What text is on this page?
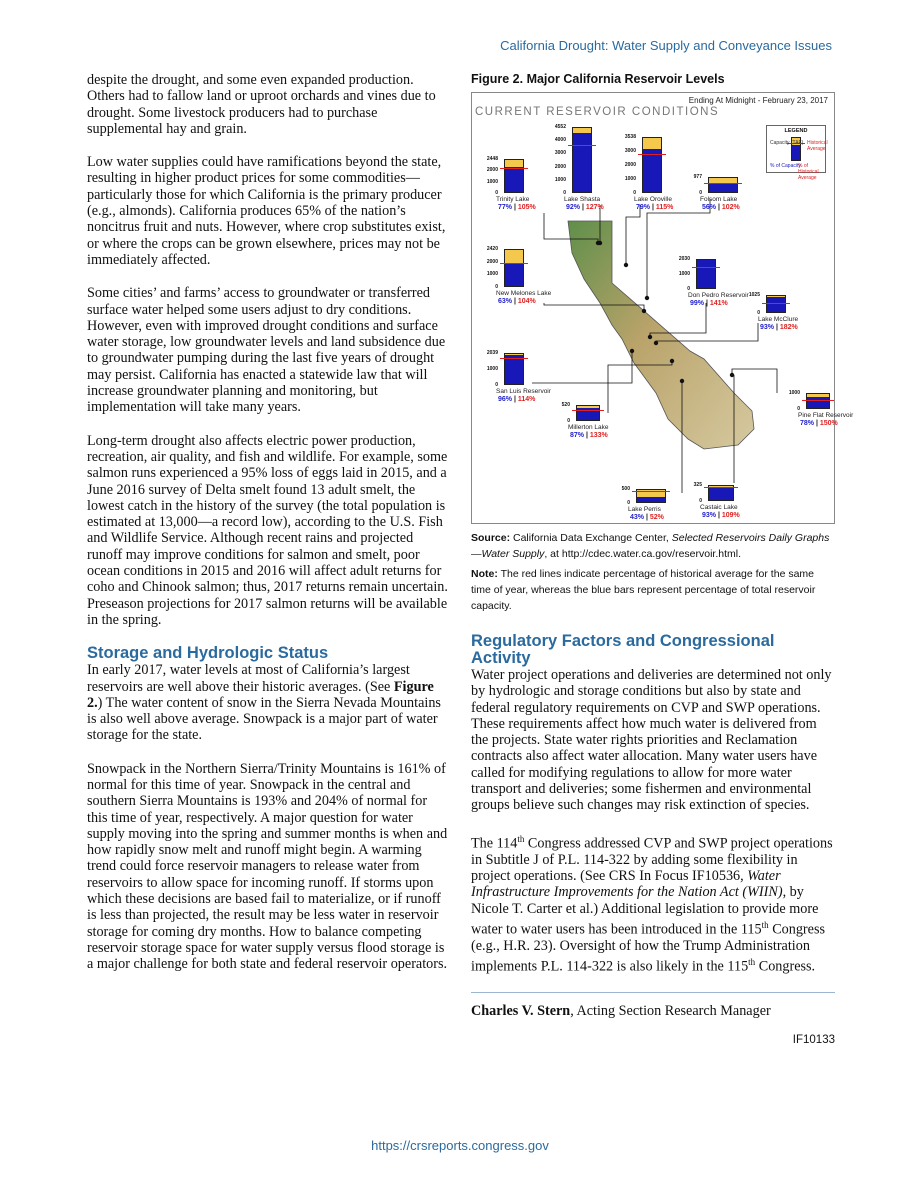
California Drought: Water Supply and Conveyance Issues

despite the drought, and some even expanded production. Others had to fallow land or uproot orchards and vines due to drought. Some livestock producers had to purchase supplemental hay and grain.

Low water supplies could have ramifications beyond the state, resulting in higher product prices for some commodities—particularly those for which California is the primary producer (e.g., almonds). California produces 65% of the nation’s noncitrus fruit and nuts. However, where crop substitutes exist, or where the crops can be grown elsewhere, prices may not be immediately affected.

Some cities’ and farms’ access to groundwater or transferred surface water helped some users adjust to dry conditions. However, even with improved drought conditions and surface water storage, low groundwater levels and land subsidence due to groundwater pumping during the last five years of drought may persist. California has enacted a statewide law that will increase groundwater planning and monitoring, but implementation will take many years.

Long-term drought also affects electric power production, recreation, air quality, and fish and wildlife. For example, some salmon runs experienced a 95% loss of eggs laid in 2015, and a June 2016 survey of Delta smelt found 13 adult smelt, the lowest catch in the history of the survey (the total population is estimated at 13,000—a record low), according to the U.S. Fish and Wildlife Service. Although recent rains and projected runoff may improve conditions for salmon and smelt, poor ocean conditions in 2015 and 2016 will affect adult returns for coho and Chinook salmon; thus, 2017 returns remain uncertain. Preseason projections for 2017 salmon returns will be available in the spring.

Storage and Hydrologic Status

In early 2017, water levels at most of California’s largest reservoirs are well above their historic averages. (See Figure 2.) The water content of snow in the Sierra Nevada Mountains is also well above average. Snowpack is a major part of water storage for the state.

Snowpack in the Northern Sierra/Trinity Mountains is 161% of normal for this time of year. Snowpack in the central and southern Sierra Mountains is 193% and 204% of normal for this time of year, respectively. A major question for water supply moving into the spring and summer months is when and how rapidly snow melt and runoff might begin. A warming trend could force reservoir managers to release water from reservoirs to allow space for incoming runoff. If storms upon which these decisions are based fail to materialize, or if runoff is less than projected, the result may be less water in reservoir storage for coming dry months. How to balance competing reservoir storage space for water supply versus flood storage is a major challenge for both state and federal reservoir operators.

Figure 2. Major California Reservoir Levels
Ending At Midnight - February 23, 2017
CURRENT RESERVOIR CONDITIONS
LEGEND
Capacity (TAF) Historical Average
% of Capacity
% of Historical Average
2448
2000
1000
0
Trinity Lake
77% | 105%
4552
4000
3000
2000
1000
0
Lake Shasta
92% | 127%
3538
3000
2000
1000
0
Lake Oroville
79% | 115%
977
0
Folsom Lake
56% | 102%
2420
2000
1000
0
New Melones Lake
63% | 104%
2030
1000
0
Don Pedro Reservoir
99% | 141%
1025
0
Lake McClure
93% | 182%
2039
1000
0
San Luis Reservoir
96% | 114%
520
0
Millerton Lake
87% | 133%
1000
0
Pine Flat Reservoir
78% | 150%
500
0
Lake Perris
43% | 52%
325
0
Castaic Lake
93% | 109%
Source: California Data Exchange Center, Selected Reservoirs Daily Graphs—Water Supply, at http://cdec.water.ca.gov/reservoir.html.
Note: The red lines indicate percentage of historical average for the same time of year, whereas the blue bars represent percentage of total reservoir capacity.
Regulatory Factors and Congressional Activity

Water project operations and deliveries are determined not only by hydrologic and storage conditions but also by state and federal regulatory requirements on CVP and SWP operations. These requirements affect how much water is delivered from the projects. State water rights priorities and Reclamation contracts also affect water allocation. Many water users have called for modifying regulations to allow for more water transport and deliveries; some fishermen and environmental groups believe such changes may risk extinction of species.

The 114th Congress addressed CVP and SWP project operations in Subtitle J of P.L. 114-322 by adding some flexibility in project operations. (See CRS In Focus IF10536, Water Infrastructure Improvements for the Nation Act (WIIN), by Nicole T. Carter et al.) Additional legislation to provide more water to water users has been introduced in the 115th Congress (e.g., H.R. 23). Oversight of how the Trump Administration implements P.L. 114-322 is also likely in the 115th Congress.

Charles V. Stern, Acting Section Research Manager
IF10133
https://crsreports.congress.gov
